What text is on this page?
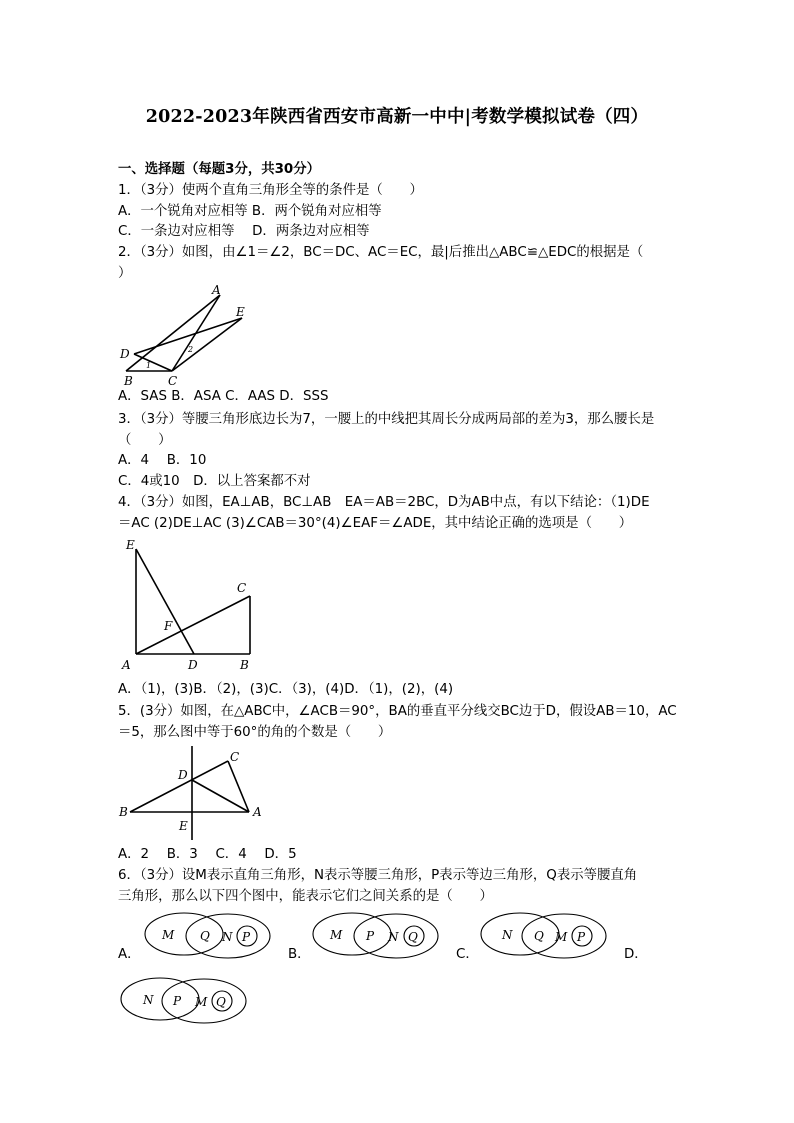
2022-2023年陕西省西安市高新一中中|考数学模拟试卷（四）
一、选择题（每题3分，共30分）
1．（3分）使两个直角三角形全等的条件是（　　）
A．一个锐角对应相等 B．两个锐角对应相等
C．一条边对应相等　 D．两条边对应相等
2．（3分）如图，由∠1＝∠2，BC＝DC、AC＝EC，最|后推出△ABC≌△EDC的根据是（
）
A
E
D
B	C
1
2
A．SAS B．ASA C．AAS D．SSS
3．（3分）等腰三角形底边长为7，一腰上的中线把其周长分成两局部的差为3，那么腰长是
（　　）
A．4　 B．10
C．4或10　D．以上答案都不对
4．（3分）如图，EA⊥AB，BC⊥AB　EA＝AB＝2BC，D为AB中点，有以下结论：（1)DE
＝AC (2)DE⊥AC (3)∠CAB＝30°(4)∠EAF＝∠ADE，其中结论正确的选项是（　　）
E
C
F
A	D	B
A．（1)，(3)B．（2)，(3)C．（3)，(4)D．（1)，(2)，(4)
5．(3分）如图，在△ABC中，∠ACB＝90°，BA的垂直平分线交BC边于D，假设AB＝10，AC
＝5，那么图中等于60°的角的个数是（　　）
C
D
B	A
E
A．2　 B．3　 C．4　 D．5
6．（3分）设M表示直角三角形，N表示等腰三角形，P表示等边三角形，Q表示等腰直角
三角形，那么以下四个图中，能表示它们之间关系的是（　　）
A．
M Q N P
B．
M P N Q
C．
N Q M P
D．
N P M Q
